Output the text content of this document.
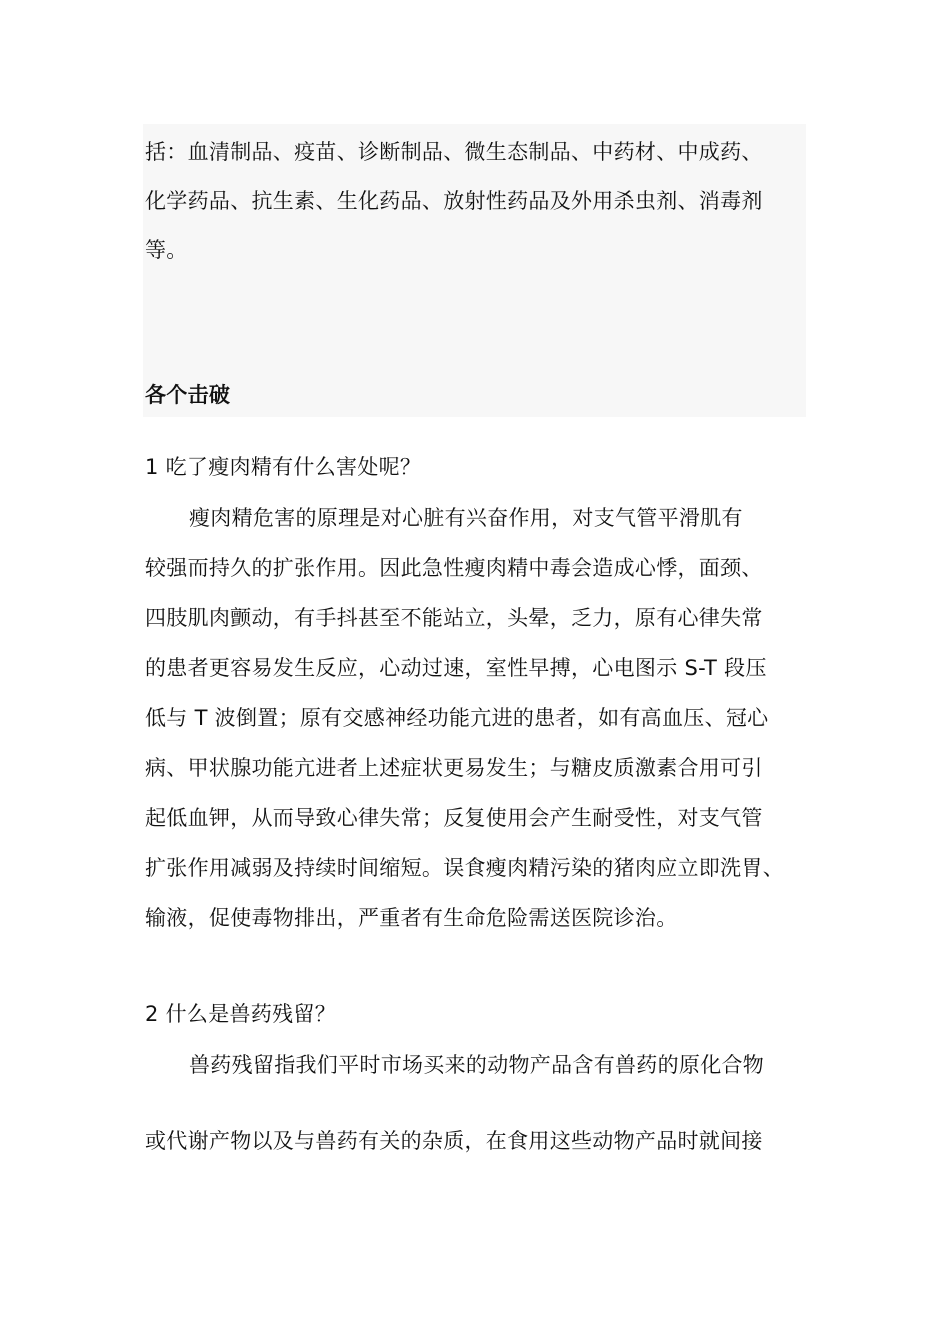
括：血清制品、疫苗、诊断制品、微生态制品、中药材、中成药、
化学药品、抗生素、生化药品、放射性药品及外用杀虫剂、消毒剂
等。
各个击破
1 吃了瘦肉精有什么害处呢？
瘦肉精危害的原理是对心脏有兴奋作用，对支气管平滑肌有
较强而持久的扩张作用。因此急性瘦肉精中毒会造成心悸，面颈、
四肢肌肉颤动，有手抖甚至不能站立，头晕，乏力，原有心律失常
的患者更容易发生反应，心动过速，室性早搏，心电图示 S-T 段压
低与 T 波倒置；原有交感神经功能亢进的患者，如有高血压、冠心
病、甲状腺功能亢进者上述症状更易发生；与糖皮质激素合用可引
起低血钾，从而导致心律失常；反复使用会产生耐受性，对支气管
扩张作用减弱及持续时间缩短。误食瘦肉精污染的猪肉应立即洗胃、
输液，促使毒物排出，严重者有生命危险需送医院诊治。
2 什么是兽药残留？
兽药残留指我们平时市场买来的动物产品含有兽药的原化合物
或代谢产物以及与兽药有关的杂质，在食用这些动物产品时就间接
